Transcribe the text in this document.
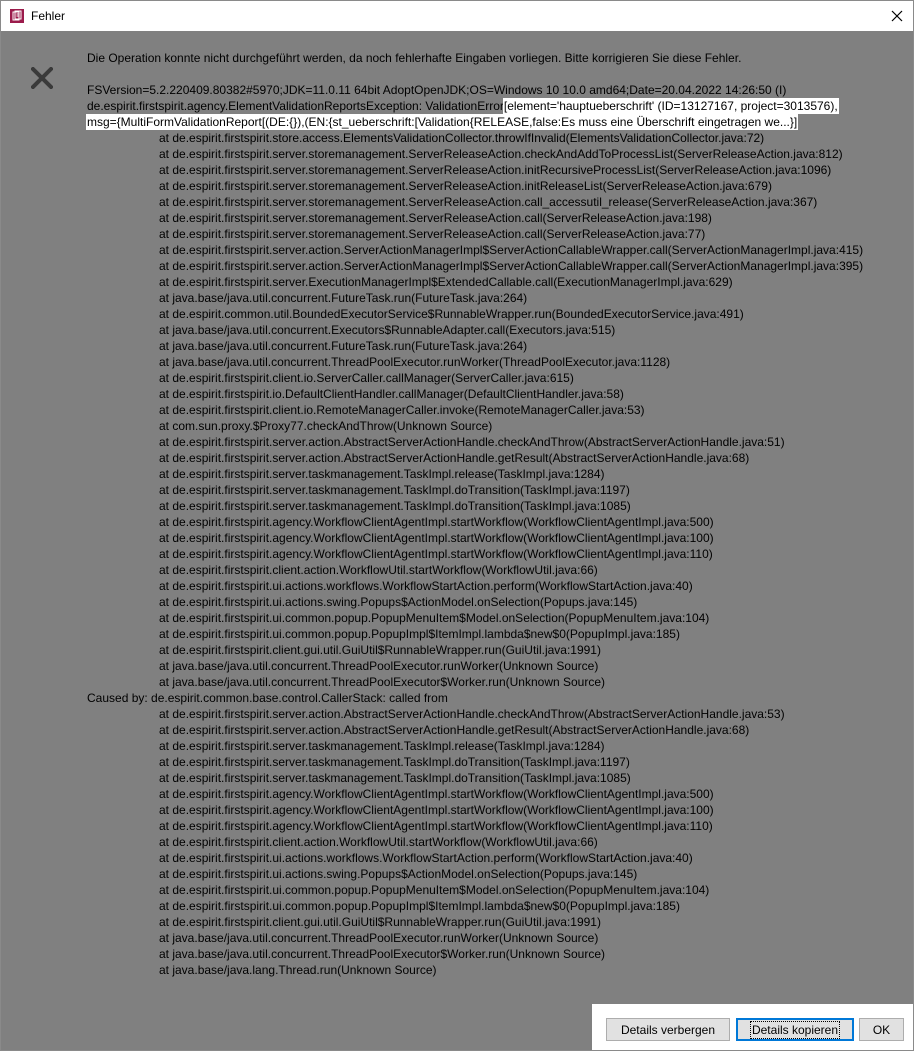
Fehler
Die Operation konnte nicht durchgeführt werden, da noch fehlerhafte Eingaben vorliegen. Bitte korrigieren Sie diese Fehler.
FSVersion=5.2.220409.80382#5970;JDK=11.0.11 64bit AdoptOpenJDK;OS=Windows 10 10.0 amd64;Date=20.04.2022 14:26:50 (I)
de.espirit.firstspirit.agency.ElementValidationReportsException: ValidationError[element='hauptueberschrift' (ID=13127167, project=3013576),
msg={MultiFormValidationReport[(DE:{}),(EN:{st_ueberschrift:[Validation{RELEASE,false:Es muss eine Überschrift eingetragen we...}]
at de.espirit.firstspirit.store.access.ElementsValidationCollector.throwIfInvalid(ElementsValidationCollector.java:72)
at de.espirit.firstspirit.server.storemanagement.ServerReleaseAction.checkAndAddToProcessList(ServerReleaseAction.java:812)
at de.espirit.firstspirit.server.storemanagement.ServerReleaseAction.initRecursiveProcessList(ServerReleaseAction.java:1096)
at de.espirit.firstspirit.server.storemanagement.ServerReleaseAction.initReleaseList(ServerReleaseAction.java:679)
at de.espirit.firstspirit.server.storemanagement.ServerReleaseAction.call_accessutil_release(ServerReleaseAction.java:367)
at de.espirit.firstspirit.server.storemanagement.ServerReleaseAction.call(ServerReleaseAction.java:198)
at de.espirit.firstspirit.server.storemanagement.ServerReleaseAction.call(ServerReleaseAction.java:77)
at de.espirit.firstspirit.server.action.ServerActionManagerImpl$ServerActionCallableWrapper.call(ServerActionManagerImpl.java:415)
at de.espirit.firstspirit.server.action.ServerActionManagerImpl$ServerActionCallableWrapper.call(ServerActionManagerImpl.java:395)
at de.espirit.firstspirit.server.ExecutionManagerImpl$ExtendedCallable.call(ExecutionManagerImpl.java:629)
at java.base/java.util.concurrent.FutureTask.run(FutureTask.java:264)
at de.espirit.common.util.BoundedExecutorService$RunnableWrapper.run(BoundedExecutorService.java:491)
at java.base/java.util.concurrent.Executors$RunnableAdapter.call(Executors.java:515)
at java.base/java.util.concurrent.FutureTask.run(FutureTask.java:264)
at java.base/java.util.concurrent.ThreadPoolExecutor.runWorker(ThreadPoolExecutor.java:1128)
at de.espirit.firstspirit.client.io.ServerCaller.callManager(ServerCaller.java:615)
at de.espirit.firstspirit.io.DefaultClientHandler.callManager(DefaultClientHandler.java:58)
at de.espirit.firstspirit.client.io.RemoteManagerCaller.invoke(RemoteManagerCaller.java:53)
at com.sun.proxy.$Proxy77.checkAndThrow(Unknown Source)
at de.espirit.firstspirit.server.action.AbstractServerActionHandle.checkAndThrow(AbstractServerActionHandle.java:51)
at de.espirit.firstspirit.server.action.AbstractServerActionHandle.getResult(AbstractServerActionHandle.java:68)
at de.espirit.firstspirit.server.taskmanagement.TaskImpl.release(TaskImpl.java:1284)
at de.espirit.firstspirit.server.taskmanagement.TaskImpl.doTransition(TaskImpl.java:1197)
at de.espirit.firstspirit.server.taskmanagement.TaskImpl.doTransition(TaskImpl.java:1085)
at de.espirit.firstspirit.agency.WorkflowClientAgentImpl.startWorkflow(WorkflowClientAgentImpl.java:500)
at de.espirit.firstspirit.agency.WorkflowClientAgentImpl.startWorkflow(WorkflowClientAgentImpl.java:100)
at de.espirit.firstspirit.agency.WorkflowClientAgentImpl.startWorkflow(WorkflowClientAgentImpl.java:110)
at de.espirit.firstspirit.client.action.WorkflowUtil.startWorkflow(WorkflowUtil.java:66)
at de.espirit.firstspirit.ui.actions.workflows.WorkflowStartAction.perform(WorkflowStartAction.java:40)
at de.espirit.firstspirit.ui.actions.swing.Popups$ActionModel.onSelection(Popups.java:145)
at de.espirit.firstspirit.ui.common.popup.PopupMenuItem$Model.onSelection(PopupMenuItem.java:104)
at de.espirit.firstspirit.ui.common.popup.PopupImpl$ItemImpl.lambda$new$0(PopupImpl.java:185)
at de.espirit.firstspirit.client.gui.util.GuiUtil$RunnableWrapper.run(GuiUtil.java:1991)
at java.base/java.util.concurrent.ThreadPoolExecutor.runWorker(Unknown Source)
at java.base/java.util.concurrent.ThreadPoolExecutor$Worker.run(Unknown Source)
Caused by: de.espirit.common.base.control.CallerStack: called from
at de.espirit.firstspirit.server.action.AbstractServerActionHandle.checkAndThrow(AbstractServerActionHandle.java:53)
at de.espirit.firstspirit.server.action.AbstractServerActionHandle.getResult(AbstractServerActionHandle.java:68)
at de.espirit.firstspirit.server.taskmanagement.TaskImpl.release(TaskImpl.java:1284)
at de.espirit.firstspirit.server.taskmanagement.TaskImpl.doTransition(TaskImpl.java:1197)
at de.espirit.firstspirit.server.taskmanagement.TaskImpl.doTransition(TaskImpl.java:1085)
at de.espirit.firstspirit.agency.WorkflowClientAgentImpl.startWorkflow(WorkflowClientAgentImpl.java:500)
at de.espirit.firstspirit.agency.WorkflowClientAgentImpl.startWorkflow(WorkflowClientAgentImpl.java:100)
at de.espirit.firstspirit.agency.WorkflowClientAgentImpl.startWorkflow(WorkflowClientAgentImpl.java:110)
at de.espirit.firstspirit.client.action.WorkflowUtil.startWorkflow(WorkflowUtil.java:66)
at de.espirit.firstspirit.ui.actions.workflows.WorkflowStartAction.perform(WorkflowStartAction.java:40)
at de.espirit.firstspirit.ui.actions.swing.Popups$ActionModel.onSelection(Popups.java:145)
at de.espirit.firstspirit.ui.common.popup.PopupMenuItem$Model.onSelection(PopupMenuItem.java:104)
at de.espirit.firstspirit.ui.common.popup.PopupImpl$ItemImpl.lambda$new$0(PopupImpl.java:185)
at de.espirit.firstspirit.client.gui.util.GuiUtil$RunnableWrapper.run(GuiUtil.java:1991)
at java.base/java.util.concurrent.ThreadPoolExecutor.runWorker(Unknown Source)
at java.base/java.util.concurrent.ThreadPoolExecutor$Worker.run(Unknown Source)
at java.base/java.lang.Thread.run(Unknown Source)
Details verbergen	Details kopieren	OK
